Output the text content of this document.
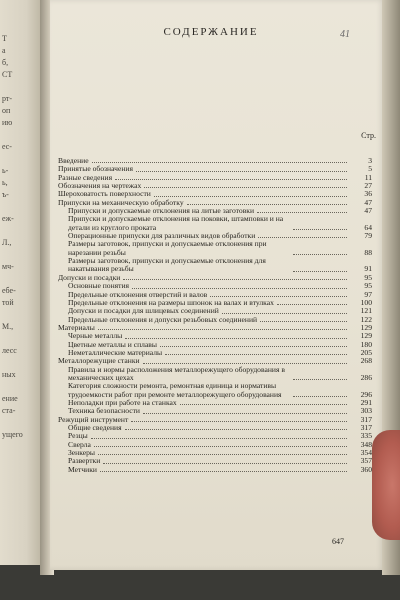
Т
а
б,
СТ
рт-
оп
ию
ес-
ь-
ь,
ъ-
еж-
Л.,
мч-
ебе-
той
М.,
лесс
ных
ение
ста-
ущего
СОДЕРЖАНИЕ	41
Стр.
Введение	3
Принятые обозначения	5
Разные сведения	11
Обозначения на чертежах	27
Шероховатость поверхности	36
Припуски на механическую обработку	47
Припуски и допускаемые отклонения на литые заготовки	47
Припуски и допускаемые отклонения на поковки, штамповки и на детали из круглого проката	64
Операционные припуски для различных видов обработки	79
Размеры заготовок, припуски и допускаемые отклонения при нарезании резьбы	88
Размеры заготовок, припуски и допускаемые отклонения для накатывания резьбы	91
Допуски и посадки	95
Основные понятия	95
Предельные отклонения отверстий и валов	97
Предельные отклонения на размеры шпонок на валах и втулках	100
Допуски и посадки для шлицевых соединений	121
Предельные отклонения и допуски резьбовых соединений	122
Материалы	129
Черные металлы	129
Цветные металлы и сплавы	180
Неметаллические материалы	205
Металлорежущие станки	268
Правила и нормы расположения металлорежущего оборудования в механических цехах	286
Категория сложности ремонта, ремонтная единица и нормативы трудоемкости работ при ремонте металлорежущего оборудования	296
Неполадки при работе на станках	291
Техника безопасности	303
Режущий инструмент	317
Общие сведения	317
Резцы	335
Сверла	348
Зенкеры	354
Развертки	357
Метчики	360
647
